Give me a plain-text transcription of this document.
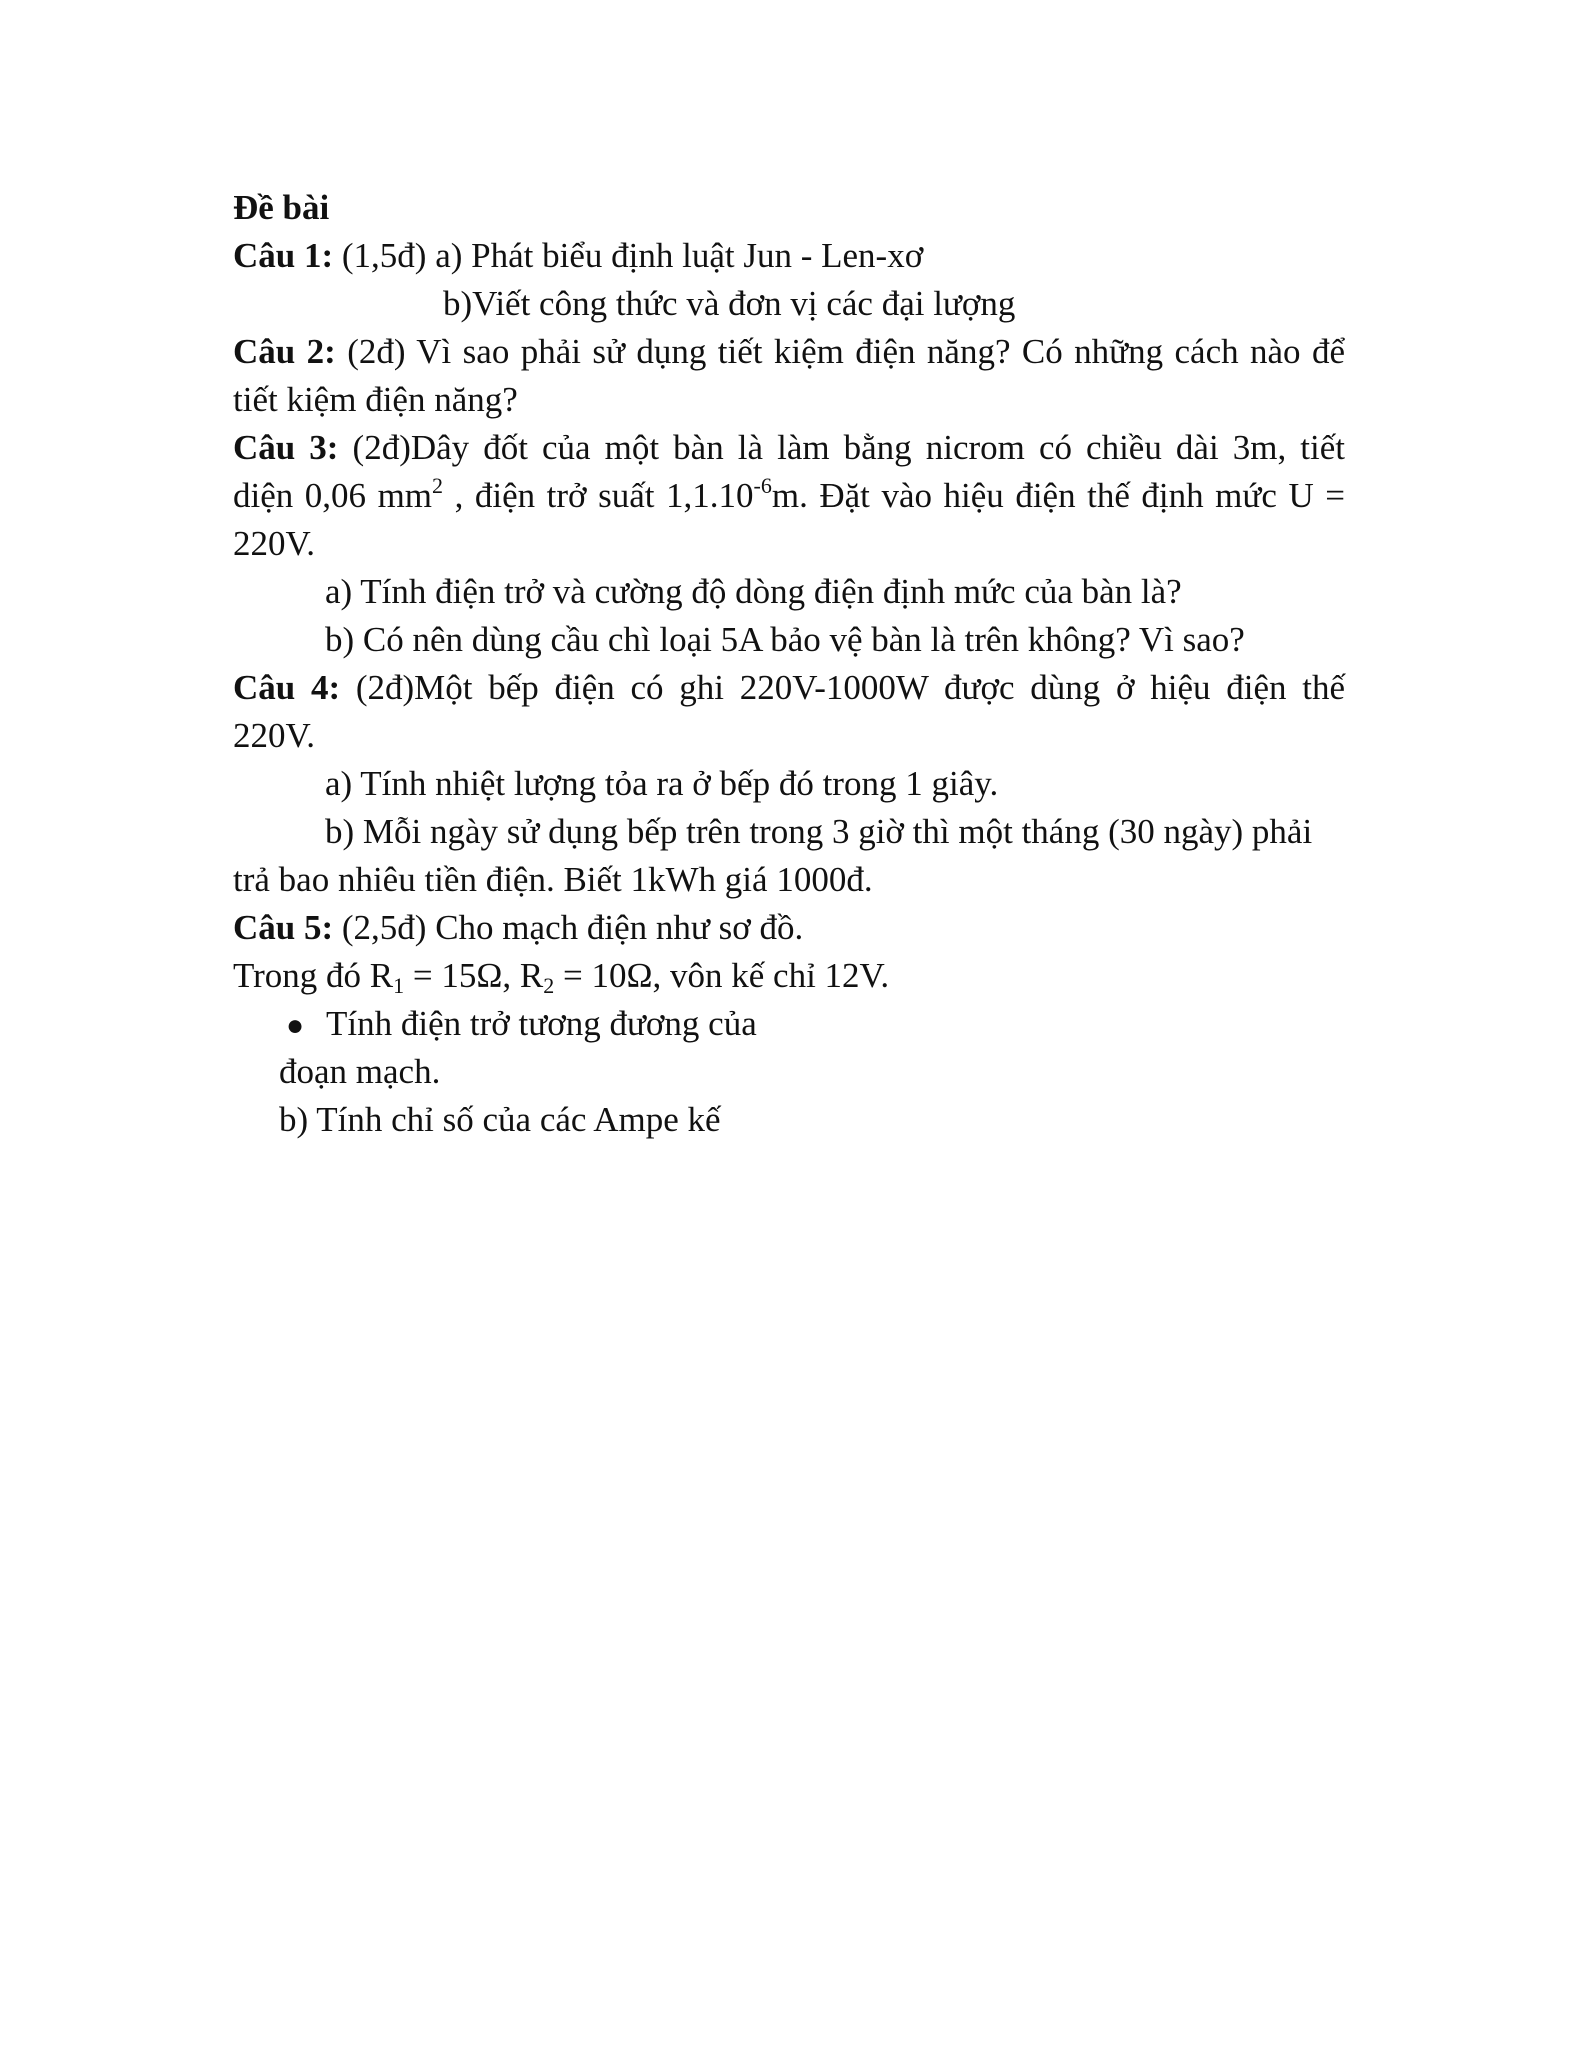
Đề bài
Câu 1: (1,5đ) a) Phát biểu định luật Jun - Len-xơ
b)Viết công thức và đơn vị các đại lượng
Câu 2: (2đ) Vì sao phải sử dụng tiết kiệm điện năng? Có những cách nào để
tiết kiệm điện năng?
Câu 3: (2đ)Dây đốt của một bàn là làm bằng nicrom có chiều dài 3m, tiết
diện 0,06 $mm^2$ , điện trở suất $1,1.10^{-6}m$. Đặt vào hiệu điện thế định mức U =
220V.
a) Tính điện trở và cường độ dòng điện định mức của bàn là?
b) Có nên dùng cầu chì loại 5A bảo vệ bàn là trên không? Vì sao?
Câu 4: (2đ)Một bếp điện có ghi 220V-1000W được dùng ở hiệu điện thế
220V.
a) Tính nhiệt lượng tỏa ra ở bếp đó trong 1 giây.
b) Mỗi ngày sử dụng bếp trên trong 3 giờ thì một tháng (30 ngày) phải
trả bao nhiêu tiền điện. Biết 1kWh giá 1000đ.
Câu 5: (2,5đ) Cho mạch điện như sơ đồ.
Trong đó $R_1 = 15\Omega$, $R_2 = 10\Omega$, vôn kế chỉ 12V.
● Tính điện trở tương đương của
đoạn mạch.
b) Tính chỉ số của các Ampe kế
